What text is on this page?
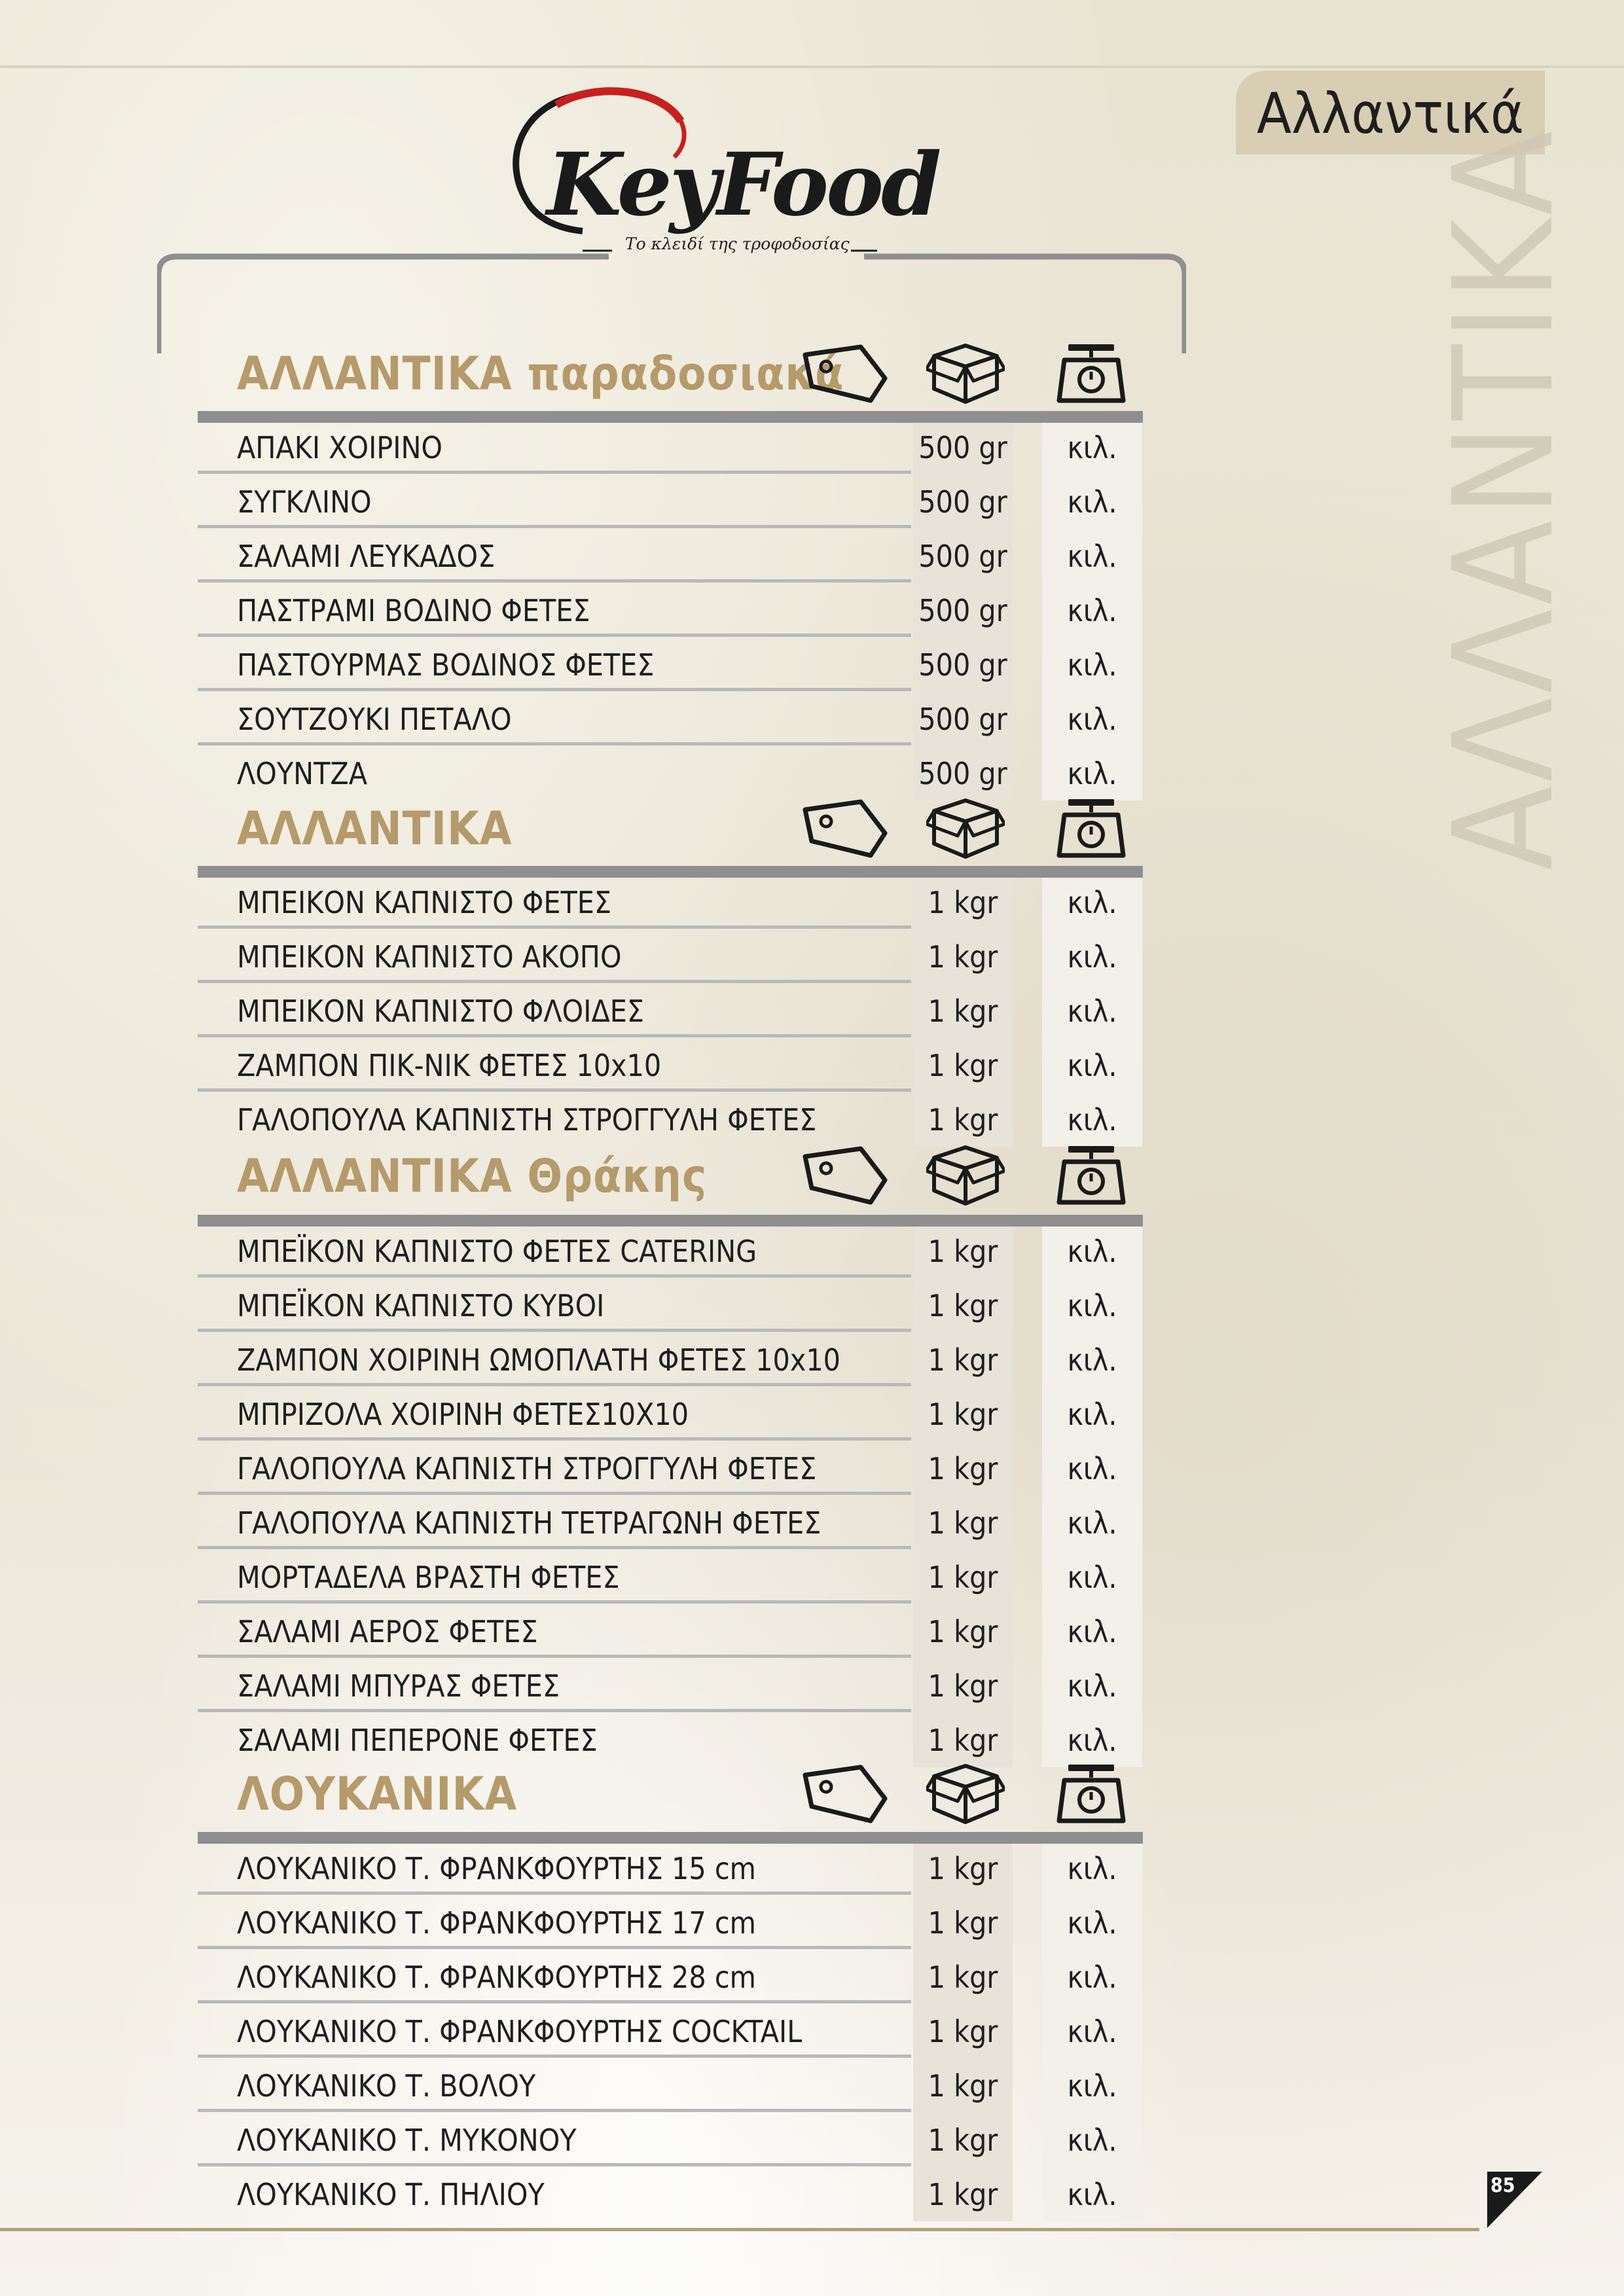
KeyFood
Το κλειδί της τροφοδοσίας
Αλλαντικά
ΑΛΛΑΝΤΙΚΑ
ΑΛΛΑΝΤΙΚΑ παραδοσιακά
ΑΠΑΚΙ ΧΟΙΡΙΝΟ	500 gr	κιλ.
ΣΥΓΚΛΙΝΟ	500 gr	κιλ.
ΣΑΛΑΜΙ ΛΕΥΚΑΔΟΣ	500 gr	κιλ.
ΠΑΣΤΡΑΜΙ ΒΟΔΙΝΟ ΦΕΤΕΣ	500 gr	κιλ.
ΠΑΣΤΟΥΡΜΑΣ ΒΟΔΙΝΟΣ ΦΕΤΕΣ	500 gr	κιλ.
ΣΟΥΤΖΟΥΚΙ ΠΕΤΑΛΟ	500 gr	κιλ.
ΛΟΥΝΤΖΑ	500 gr	κιλ.
ΑΛΛΑΝΤΙΚΑ
ΜΠΕΙΚΟΝ ΚΑΠΝΙΣΤΟ ΦΕΤΕΣ	1 kgr	κιλ.
ΜΠΕΙΚΟΝ ΚΑΠΝΙΣΤΟ ΑΚΟΠΟ	1 kgr	κιλ.
ΜΠΕΙΚΟΝ ΚΑΠΝΙΣΤΟ ΦΛΟΙΔΕΣ	1 kgr	κιλ.
ΖΑΜΠΟΝ ΠΙΚ-ΝΙΚ ΦΕΤΕΣ 10x10	1 kgr	κιλ.
ΓΑΛΟΠΟΥΛΑ ΚΑΠΝΙΣΤΗ ΣΤΡΟΓΓΥΛΗ ΦΕΤΕΣ	1 kgr	κιλ.
ΑΛΛΑΝΤΙΚΑ Θράκης
ΜΠΕΪΚΟΝ ΚΑΠΝΙΣΤΟ ΦΕΤΕΣ CATERING	1 kgr	κιλ.
ΜΠΕΪΚΟΝ ΚΑΠΝΙΣΤΟ ΚΥΒΟΙ	1 kgr	κιλ.
ΖΑΜΠΟΝ ΧΟΙΡΙΝΗ ΩΜΟΠΛΑΤΗ ΦΕΤΕΣ 10x10	1 kgr	κιλ.
ΜΠΡΙΖΟΛΑ ΧΟΙΡΙΝΗ ΦΕΤΕΣ10Χ10	1 kgr	κιλ.
ΓΑΛΟΠΟΥΛΑ ΚΑΠΝΙΣΤΗ ΣΤΡΟΓΓΥΛΗ ΦΕΤΕΣ	1 kgr	κιλ.
ΓΑΛΟΠΟΥΛΑ ΚΑΠΝΙΣΤΗ ΤΕΤΡΑΓΩΝΗ ΦΕΤΕΣ	1 kgr	κιλ.
ΜΟΡΤΑΔΕΛΑ ΒΡΑΣΤΗ ΦΕΤΕΣ	1 kgr	κιλ.
ΣΑΛΑΜΙ ΑΕΡΟΣ ΦΕΤΕΣ	1 kgr	κιλ.
ΣΑΛΑΜΙ ΜΠΥΡΑΣ ΦΕΤΕΣ	1 kgr	κιλ.
ΣΑΛΑΜΙ ΠΕΠΕΡΟΝΕ ΦΕΤΕΣ	1 kgr	κιλ.
ΛΟΥΚΑΝΙΚΑ
ΛΟΥΚΑΝΙΚΟ Τ. ΦΡΑΝΚΦΟΥΡΤΗΣ 15 cm	1 kgr	κιλ.
ΛΟΥΚΑΝΙΚΟ Τ. ΦΡΑΝΚΦΟΥΡΤΗΣ 17 cm	1 kgr	κιλ.
ΛΟΥΚΑΝΙΚΟ Τ. ΦΡΑΝΚΦΟΥΡΤΗΣ 28 cm	1 kgr	κιλ.
ΛΟΥΚΑΝΙΚΟ Τ. ΦΡΑΝΚΦΟΥΡΤΗΣ COCKTAIL	1 kgr	κιλ.
ΛΟΥΚΑΝΙΚΟ Τ. ΒΟΛΟΥ	1 kgr	κιλ.
ΛΟΥΚΑΝΙΚΟ Τ. ΜΥΚΟΝΟΥ	1 kgr	κιλ.
ΛΟΥΚΑΝΙΚΟ Τ. ΠΗΛΙΟΥ	1 kgr	κιλ.	85
